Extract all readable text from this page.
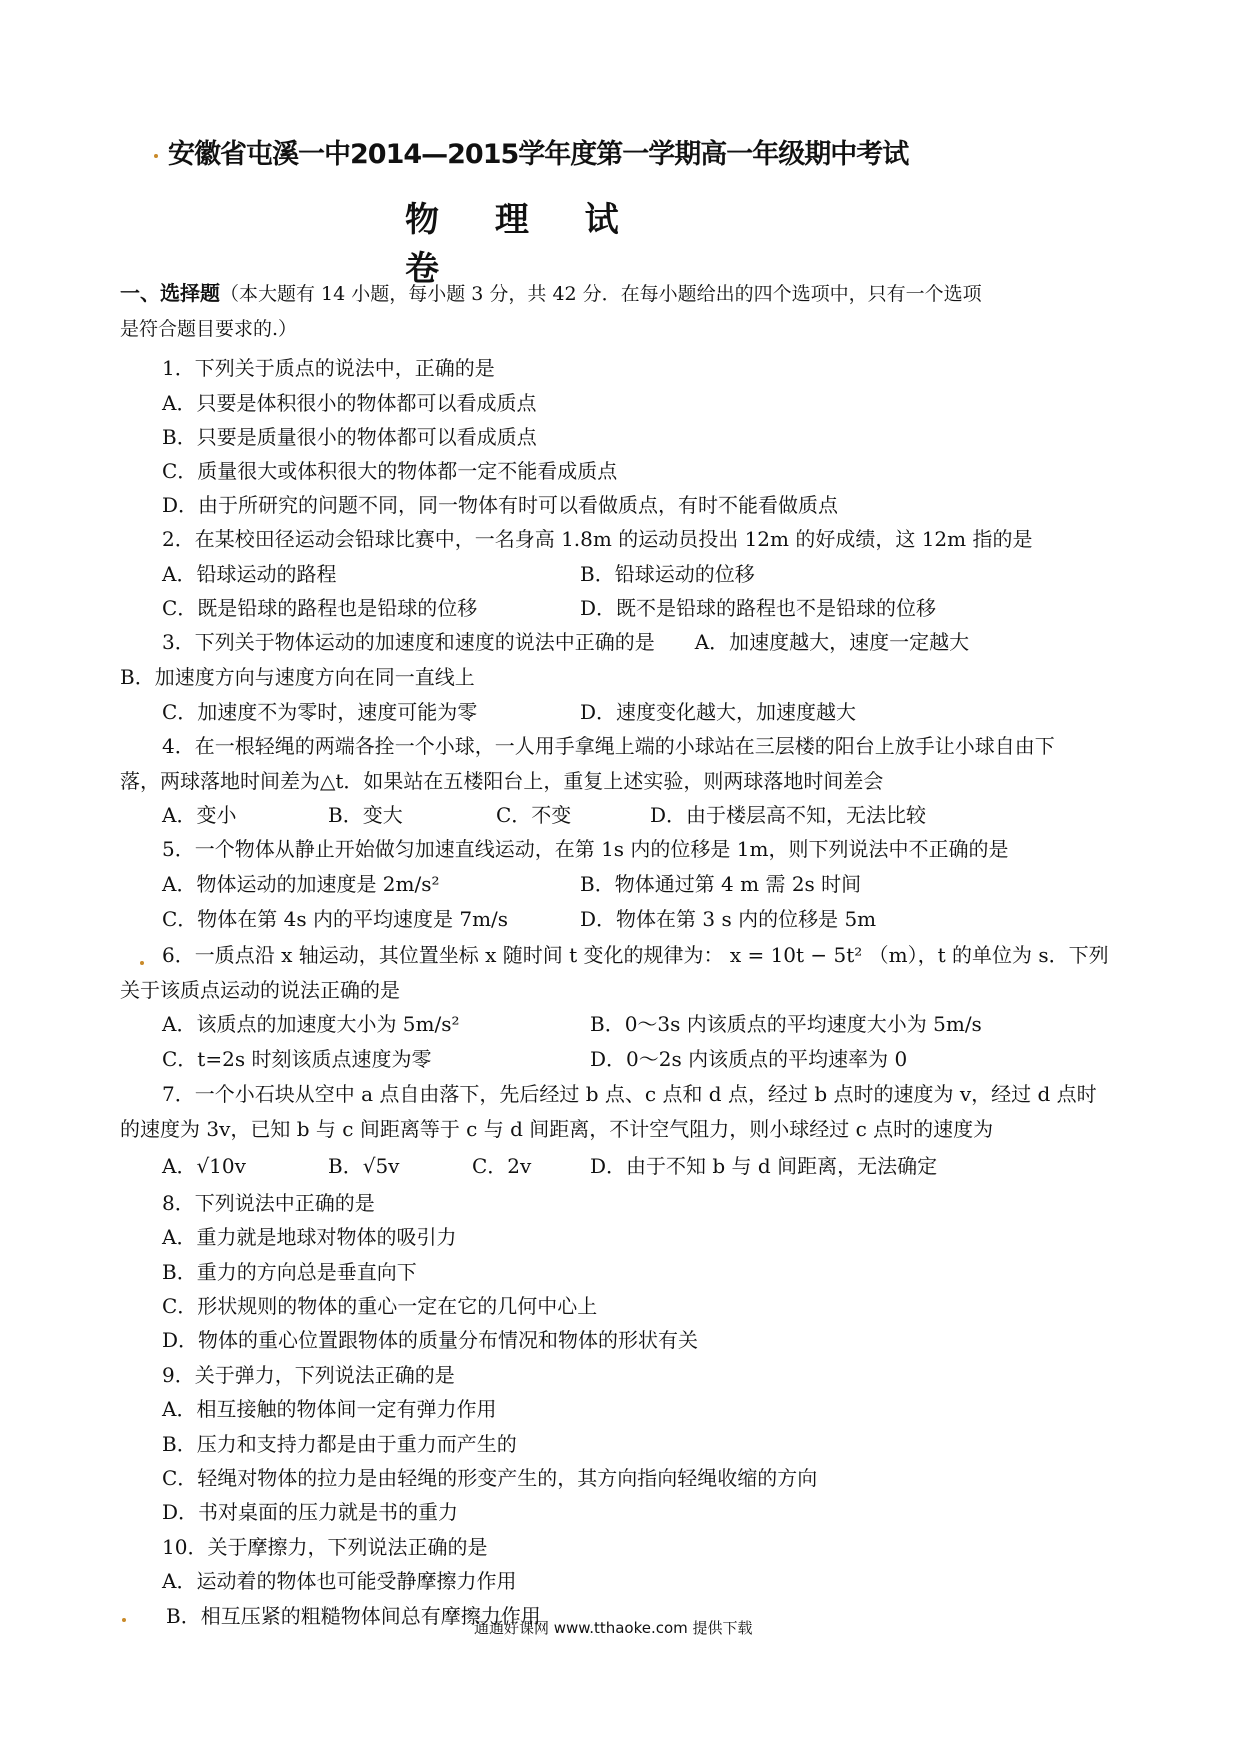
安徽省屯溪一中2014—2015学年度第一学期高一年级期中考试
物 理 试 卷
一、选择题（本大题有 14 小题，每小题 3 分，共 42 分．在每小题给出的四个选项中，只有一个选项
是符合题目要求的.）
1．下列关于质点的说法中，正确的是
A．只要是体积很小的物体都可以看成质点
B．只要是质量很小的物体都可以看成质点
C．质量很大或体积很大的物体都一定不能看成质点
D．由于所研究的问题不同，同一物体有时可以看做质点，有时不能看做质点
2．在某校田径运动会铅球比赛中，一名身高 1.8m 的运动员投出 12m 的好成绩，这 12m 指的是
A．铅球运动的路程	B．铅球运动的位移
C．既是铅球的路程也是铅球的位移	D．既不是铅球的路程也不是铅球的位移
3．下列关于物体运动的加速度和速度的说法中正确的是　　A．加速度越大，速度一定越大
B．加速度方向与速度方向在同一直线上
C．加速度不为零时，速度可能为零	D．速度变化越大，加速度越大
4．在一根轻绳的两端各拴一个小球，一人用手拿绳上端的小球站在三层楼的阳台上放手让小球自由下
落，两球落地时间差为△t．如果站在五楼阳台上，重复上述实验，则两球落地时间差会
A．变小	B．变大	C．不变	D．由于楼层高不知，无法比较
5．一个物体从静止开始做匀加速直线运动，在第 1s 内的位移是 1m，则下列说法中不正确的是
A．物体运动的加速度是 2m/s²	B．物体通过第 4 m 需 2s 时间
C．物体在第 4s 内的平均速度是 7m/s	D．物体在第 3 s 内的位移是 5m
6．一质点沿 x 轴运动，其位置坐标 x 随时间 t 变化的规律为： x = 10t − 5t² （m），t 的单位为 s．下列
关于该质点运动的说法正确的是
A．该质点的加速度大小为 5m/s²	B．0～3s 内该质点的平均速度大小为 5m/s
C．t=2s 时刻该质点速度为零	D．0～2s 内该质点的平均速率为 0
7．一个小石块从空中 a 点自由落下，先后经过 b 点、c 点和 d 点，经过 b 点时的速度为 v，经过 d 点时
的速度为 3v，已知 b 与 c 间距离等于 c 与 d 间距离，不计空气阻力，则小球经过 c 点时的速度为
A．√10v	B．√5v	C．2v	D．由于不知 b 与 d 间距离，无法确定
8．下列说法中正确的是
A．重力就是地球对物体的吸引力
B．重力的方向总是垂直向下
C．形状规则的物体的重心一定在它的几何中心上
D．物体的重心位置跟物体的质量分布情况和物体的形状有关
9．关于弹力，下列说法正确的是
A．相互接触的物体间一定有弹力作用
B．压力和支持力都是由于重力而产生的
C．轻绳对物体的拉力是由轻绳的形变产生的，其方向指向轻绳收缩的方向
D．书对桌面的压力就是书的重力
10．关于摩擦力，下列说法正确的是
A．运动着的物体也可能受静摩擦力作用
B．相互压紧的粗糙物体间总有摩擦力作用
通通好课网 www.tthaoke.com 提供下载
